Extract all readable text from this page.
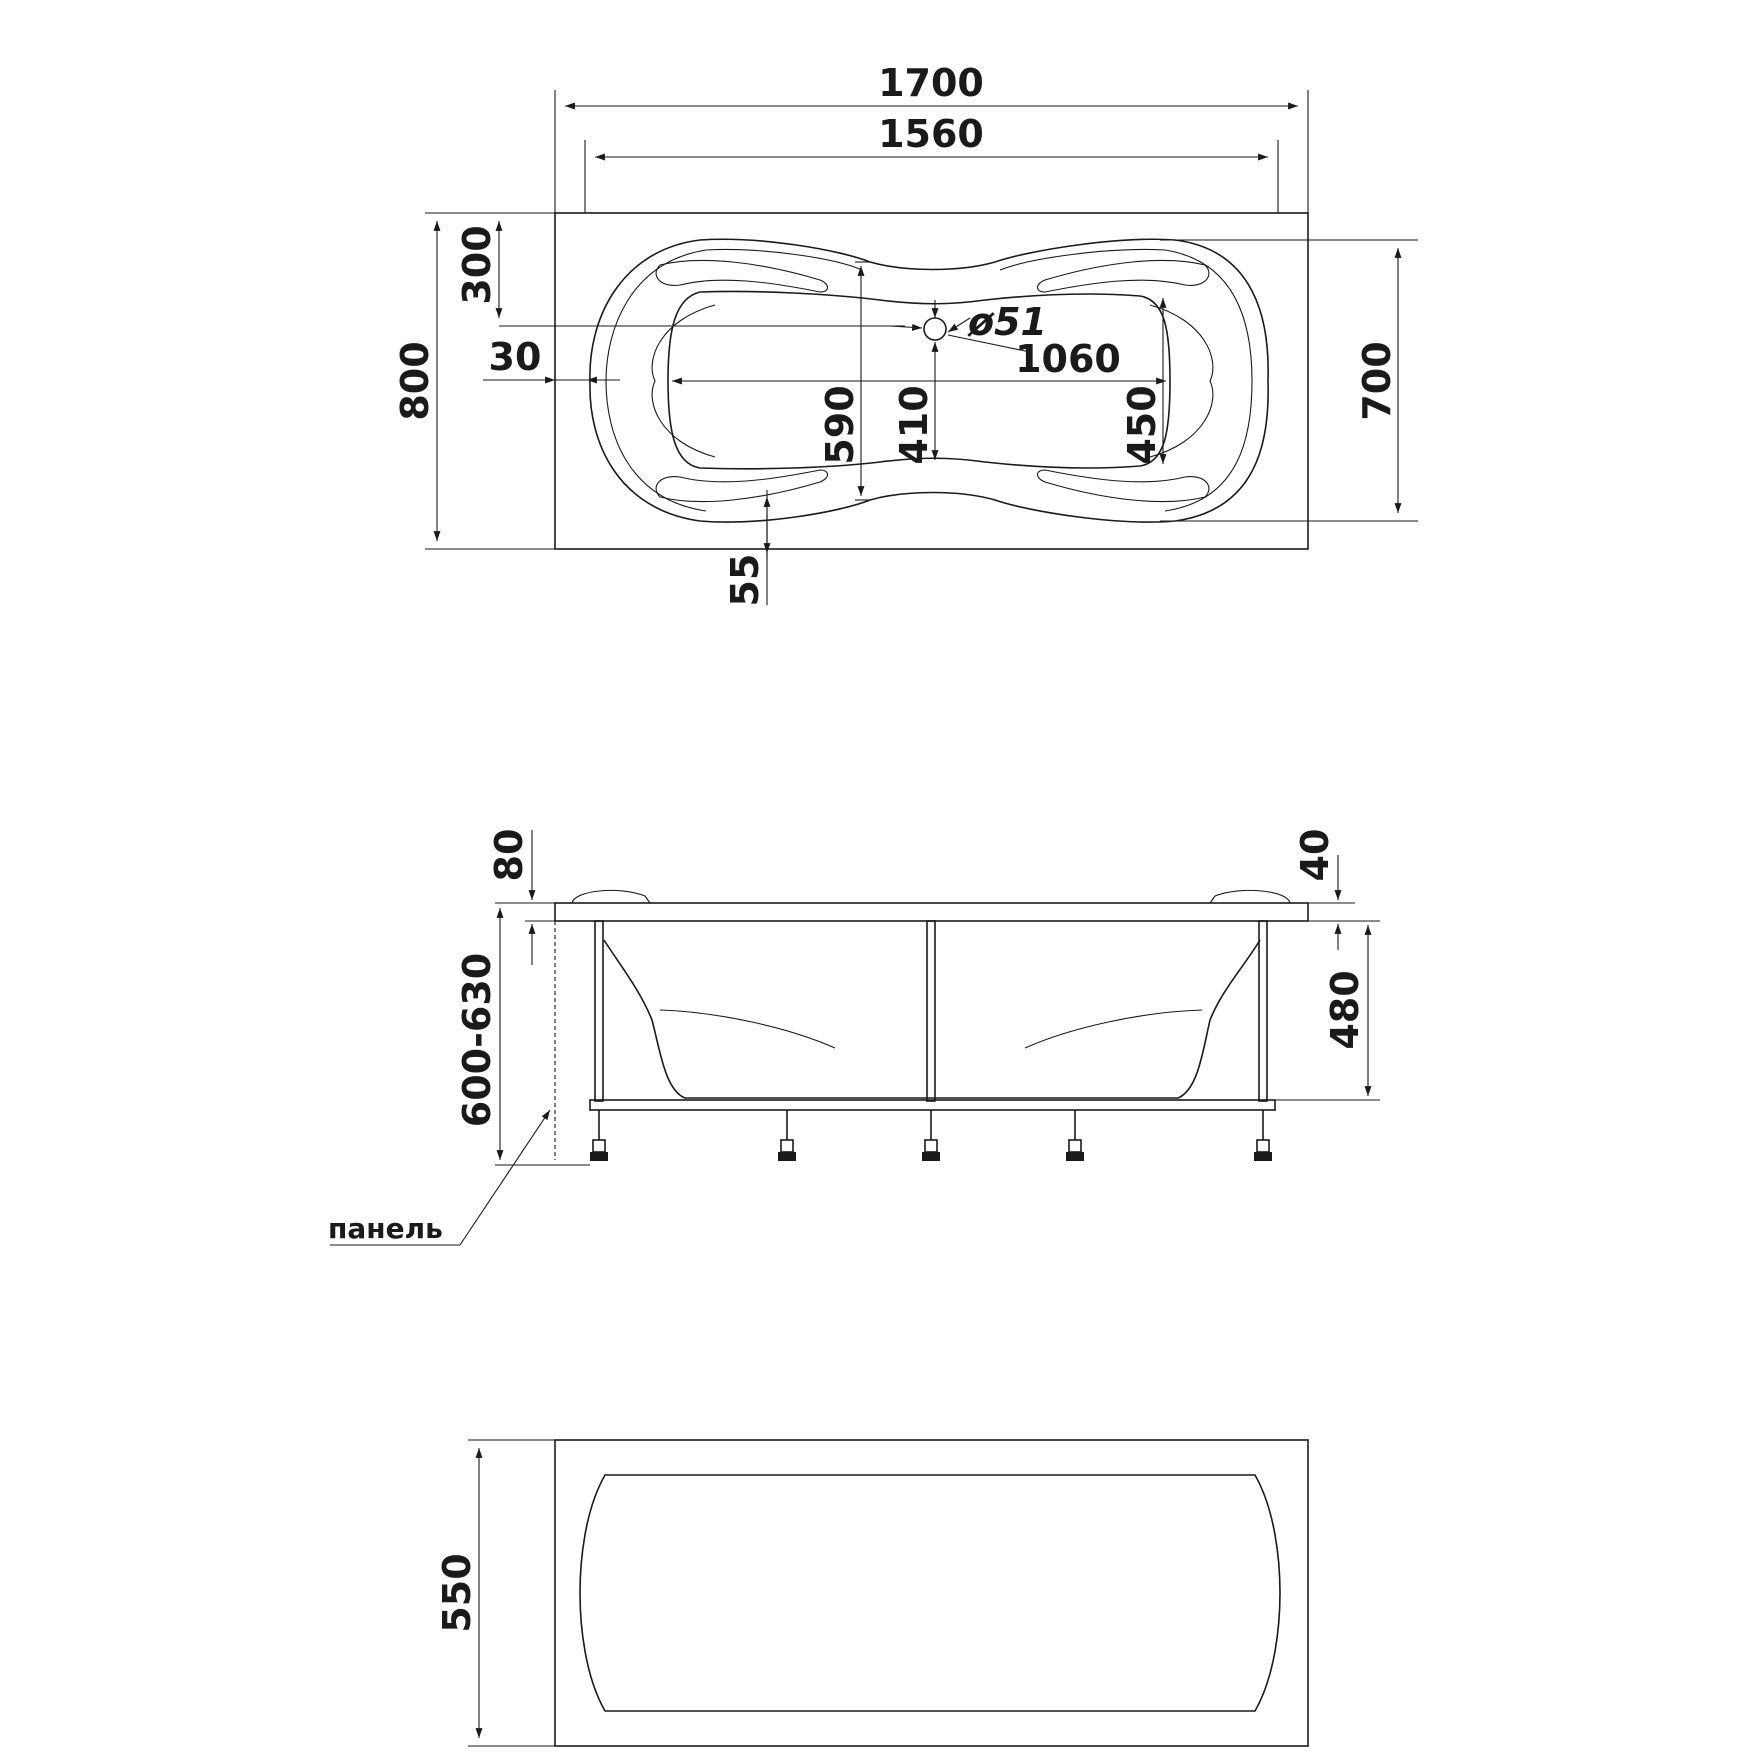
1700
1560
800
300
30	700
ø51
1060
590 410	450
55
80
600-630
40
480
панель
550
